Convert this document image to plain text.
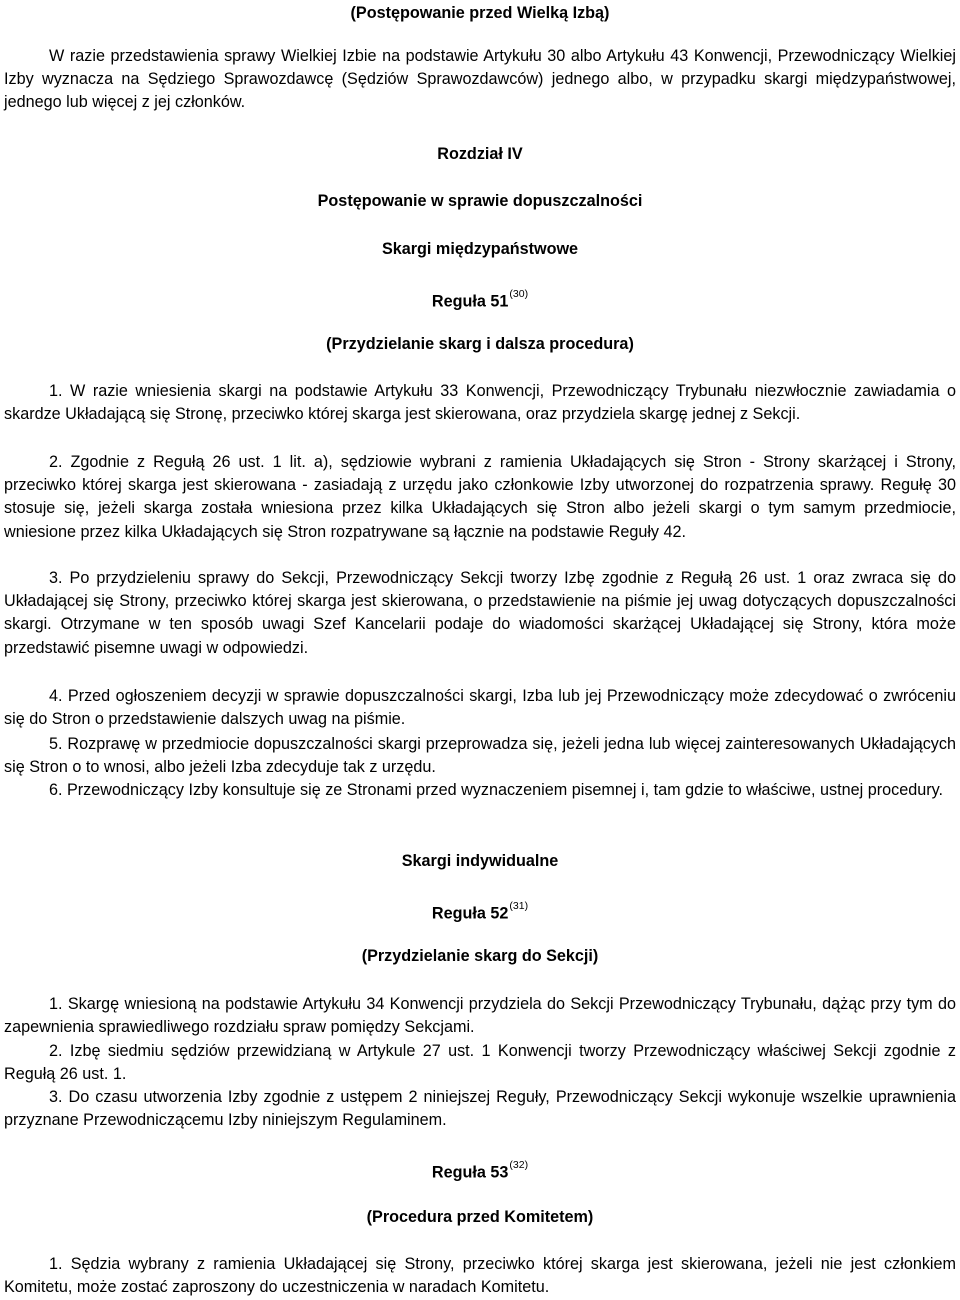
(Postępowanie przed Wielką Izbą)
W razie przedstawienia sprawy Wielkiej Izbie na podstawie Artykułu 30 albo Artykułu 43 Konwencji, Przewodniczący Wielkiej Izby wyznacza na Sędziego Sprawozdawcę (Sędziów Sprawozdawców) jednego albo, w przypadku skargi międzypaństwowej, jednego lub więcej z jej członków.
Rozdział IV
Postępowanie w sprawie dopuszczalności
Skargi międzypaństwowe
Reguła 51$^{(30)}$
(Przydzielanie skarg i dalsza procedura)
1. W razie wniesienia skargi na podstawie Artykułu 33 Konwencji, Przewodniczący Trybunału niezwłocznie zawiadamia o skardze Układającą się Stronę, przeciwko której skarga jest skierowana, oraz przydziela skargę jednej z Sekcji.
2. Zgodnie z Regułą 26 ust. 1 lit. a), sędziowie wybrani z ramienia Układających się Stron - Strony skarżącej i Strony, przeciwko której skarga jest skierowana - zasiadają z urzędu jako członkowie Izby utworzonej do rozpatrzenia sprawy. Regułę 30 stosuje się, jeżeli skarga została wniesiona przez kilka Układających się Stron albo jeżeli skargi o tym samym przedmiocie, wniesione przez kilka Układających się Stron rozpatrywane są łącznie na podstawie Reguły 42.
3. Po przydzieleniu sprawy do Sekcji, Przewodniczący Sekcji tworzy Izbę zgodnie z Regułą 26 ust. 1 oraz zwraca się do Układającej się Strony, przeciwko której skarga jest skierowana, o przedstawienie na piśmie jej uwag dotyczących dopuszczalności skargi. Otrzymane w ten sposób uwagi Szef Kancelarii podaje do wiadomości skarżącej Układającej się Strony, która może przedstawić pisemne uwagi w odpowiedzi.
4. Przed ogłoszeniem decyzji w sprawie dopuszczalności skargi, Izba lub jej Przewodniczący może zdecydować o zwróceniu się do Stron o przedstawienie dalszych uwag na piśmie.
5. Rozprawę w przedmiocie dopuszczalności skargi przeprowadza się, jeżeli jedna lub więcej zainteresowanych Układających się Stron o to wnosi, albo jeżeli Izba zdecyduje tak z urzędu.
6. Przewodniczący Izby konsultuje się ze Stronami przed wyznaczeniem pisemnej i, tam gdzie to właściwe, ustnej procedury.
Skargi indywidualne
Reguła 52$^{(31)}$
(Przydzielanie skarg do Sekcji)
1. Skargę wniesioną na podstawie Artykułu 34 Konwencji przydziela do Sekcji Przewodniczący Trybunału, dążąc przy tym do zapewnienia sprawiedliwego rozdziału spraw pomiędzy Sekcjami.
2. Izbę siedmiu sędziów przewidzianą w Artykule 27 ust. 1 Konwencji tworzy Przewodniczący właściwej Sekcji zgodnie z Regułą 26 ust. 1.
3. Do czasu utworzenia Izby zgodnie z ustępem 2 niniejszej Reguły, Przewodniczący Sekcji wykonuje wszelkie uprawnienia przyznane Przewodniczącemu Izby niniejszym Regulaminem.
Reguła 53$^{(32)}$
(Procedura przed Komitetem)
1. Sędzia wybrany z ramienia Układającej się Strony, przeciwko której skarga jest skierowana, jeżeli nie jest członkiem Komitetu, może zostać zaproszony do uczestniczenia w naradach Komitetu.
